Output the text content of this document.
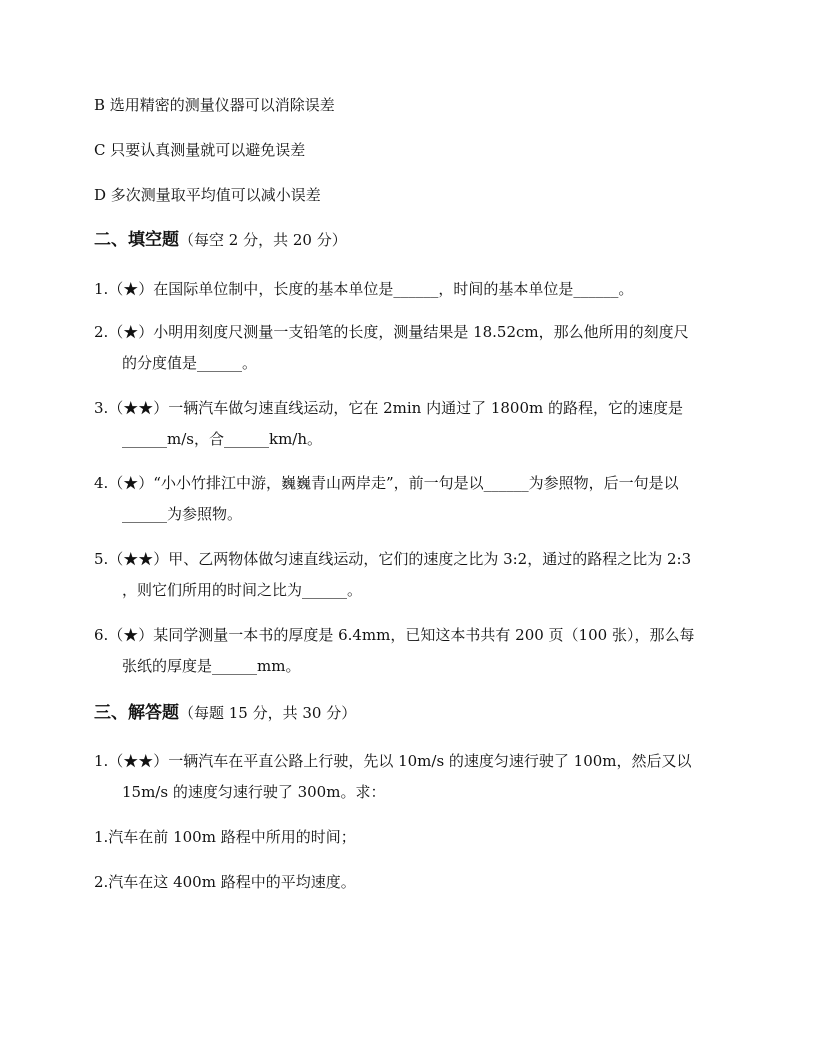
B 选用精密的测量仪器可以消除误差
C 只要认真测量就可以避免误差
D 多次测量取平均值可以减小误差
二、填空题（每空 2 分，共 20 分）
1.（★）在国际单位制中，长度的基本单位是______，时间的基本单位是______。
2.（★）小明用刻度尺测量一支铅笔的长度，测量结果是 18.52cm，那么他所用的刻度尺
的分度值是______。
3.（★★）一辆汽车做匀速直线运动，它在 2min 内通过了 1800m 的路程，它的速度是
______m/s，合______km/h。
4.（★）“小小竹排江中游，巍巍青山两岸走”，前一句是以______为参照物，后一句是以
______为参照物。
5.（★★）甲、乙两物体做匀速直线运动，它们的速度之比为 3:2，通过的路程之比为 2:3
，则它们所用的时间之比为______。
6.（★）某同学测量一本书的厚度是 6.4mm，已知这本书共有 200 页（100 张），那么每
张纸的厚度是______mm。
三、解答题（每题 15 分，共 30 分）
1.（★★）一辆汽车在平直公路上行驶，先以 10m/s 的速度匀速行驶了 100m，然后又以
15m/s 的速度匀速行驶了 300m。求：
1.汽车在前 100m 路程中所用的时间；
2.汽车在这 400m 路程中的平均速度。
